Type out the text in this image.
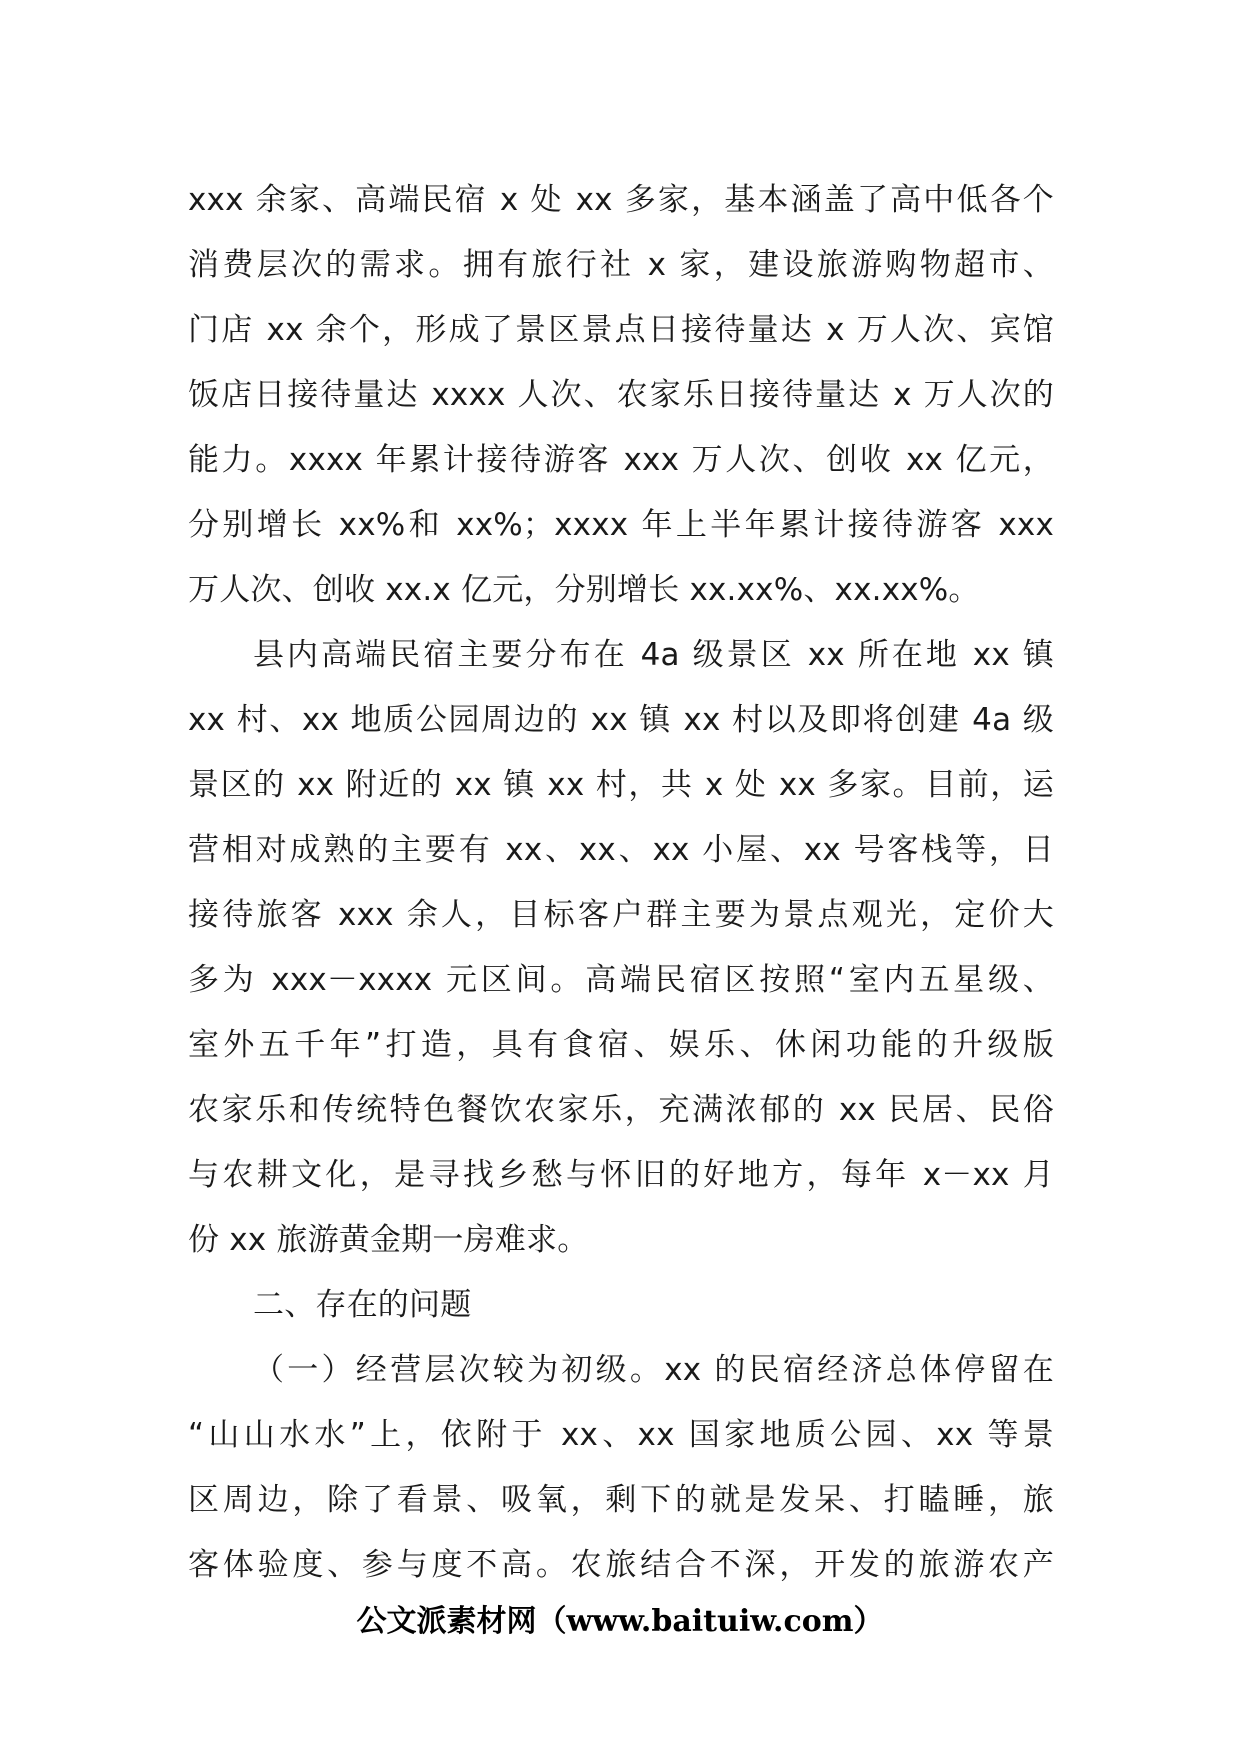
xxx 余家、高端民宿 x 处 xx 多家，基本涵盖了高中低各个
消费层次的需求。拥有旅行社 x 家，建设旅游购物超市、
门店 xx 余个，形成了景区景点日接待量达 x 万人次、宾馆
饭店日接待量达 xxxx 人次、农家乐日接待量达 x 万人次的
能力。xxxx 年累计接待游客 xxx 万人次、创收 xx 亿元，
分别增长 xx%和 xx%；xxxx 年上半年累计接待游客 xxx
万人次、创收 xx.x 亿元，分别增长 xx.xx%、xx.xx%。
县内高端民宿主要分布在 4a 级景区 xx 所在地 xx 镇
xx 村、xx 地质公园周边的 xx 镇 xx 村以及即将创建 4a 级
景区的 xx 附近的 xx 镇 xx 村，共 x 处 xx 多家。目前，运
营相对成熟的主要有 xx、xx、xx 小屋、xx 号客栈等，日
接待旅客 xxx 余人，目标客户群主要为景点观光，定价大
多为 xxx－xxxx 元区间。高端民宿区按照“室内五星级、
室外五千年”打造，具有食宿、娱乐、休闲功能的升级版
农家乐和传统特色餐饮农家乐，充满浓郁的 xx 民居、民俗
与农耕文化，是寻找乡愁与怀旧的好地方，每年 x－xx 月
份 xx 旅游黄金期一房难求。
二、存在的问题
（一）经营层次较为初级。xx 的民宿经济总体停留在
“山山水水”上，依附于 xx、xx 国家地质公园、xx 等景
区周边，除了看景、吸氧，剩下的就是发呆、打瞌睡，旅
客体验度、参与度不高。农旅结合不深，开发的旅游农产
公文派素材网（www.baituiw.com）
